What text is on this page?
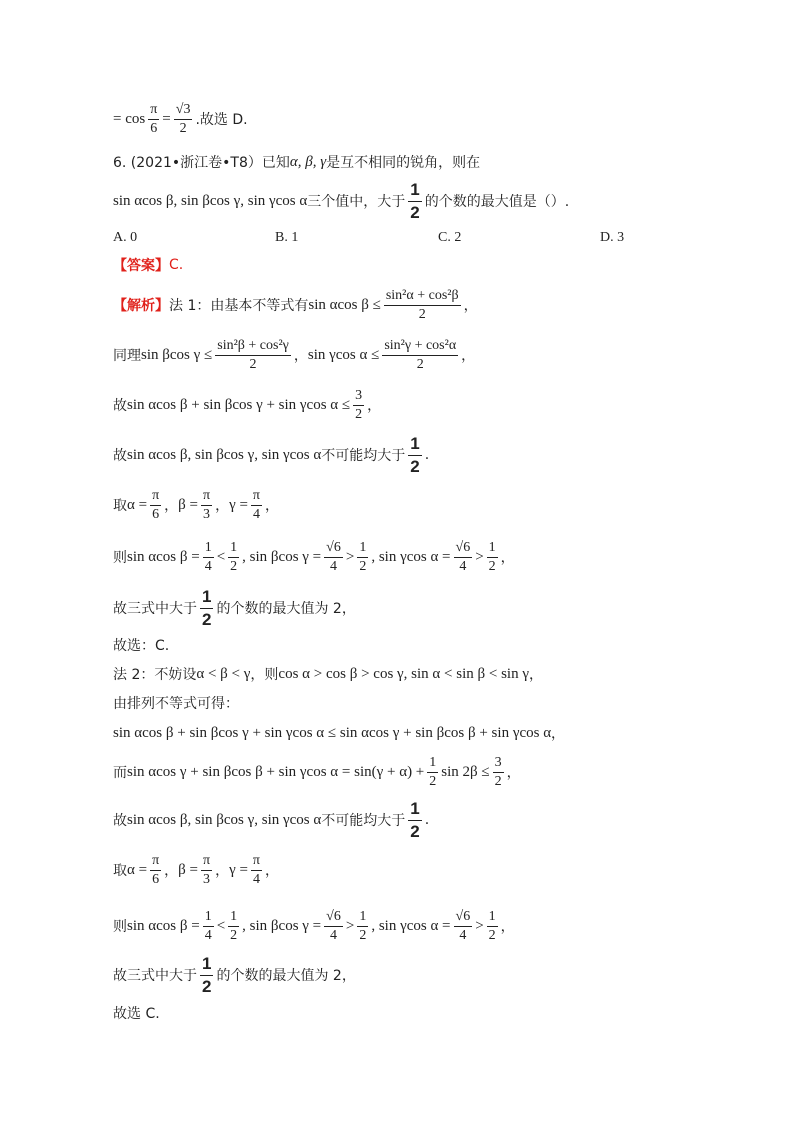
= $\cos \frac{\pi}{6} = \frac{√3}{2}$ .故选 D.
6. (2021•浙江卷•T8）已知 α, β, γ 是互不相同的锐角，则在
sin αcos β, sin βcos γ, sin γcos α 三个值中，大于 $\frac{1}{2}$ 的个数的最大值是（）.
A. 0	B. 1	C. 2	D. 3
【答案】 C.
【解析】 法 1：由基本不等式有 sin αcos $\beta \le \frac{\text{sin²α + cos²β}}{2}$ ，
同理 sin βcos $\gamma \le \frac{\text{sin²β + cos²γ}}{2}$ ， sin γcos $\alpha \le \frac{\text{sin²γ + cos²α}}{2}$ ，
故 sin αcos β + sin βcos γ + sin γcos $\alpha \le \frac{3}{2}$ ，
故 sin αcos β, sin βcos γ, sin γcos α 不可能均大于 $\frac{1}{2}$ .
取 $\alpha = \frac{\pi}{6}$ ， $\beta = \frac{\pi}{3}$ ， $\gamma = \frac{\pi}{4}$ ，
则 sin αcos $\beta = \frac{1}{4} < \frac{1}{2}$ , sin βcos $\gamma = \frac{√6}{4} > \frac{1}{2}$ , sin γcos $\alpha = \frac{√6}{4} > \frac{1}{2}$ ，
故三式中大于 $\frac{1}{2}$ 的个数的最大值为 2，
故选：C.
法 2：不妨设 α < β < γ ，则 cos α > cos β > cos γ, sin α < sin β < sin γ ，
由排列不等式可得：
sin αcos β + sin βcos γ + sin γcos α ≤ sin αcos γ + sin βcos β + sin γcos α ，
而 sin αcos γ + sin βcos β + sin γcos $\alpha = \sin(\gamma + \alpha) + \frac{1}{2}$ $\sin 2\beta \le \frac{3}{2}$ ，
故 sin αcos β, sin βcos γ, sin γcos α 不可能均大于 $\frac{1}{2}$ .
取 $\alpha = \frac{\pi}{6}$ ， $\beta = \frac{\pi}{3}$ ， $\gamma = \frac{\pi}{4}$ ，
则 sin αcos $\beta = \frac{1}{4} < \frac{1}{2}$ , sin βcos $\gamma = \frac{√6}{4} > \frac{1}{2}$ , sin γcos $\alpha = \frac{√6}{4} > \frac{1}{2}$ ，
故三式中大于 $\frac{1}{2}$ 的个数的最大值为 2，
故选 C.
